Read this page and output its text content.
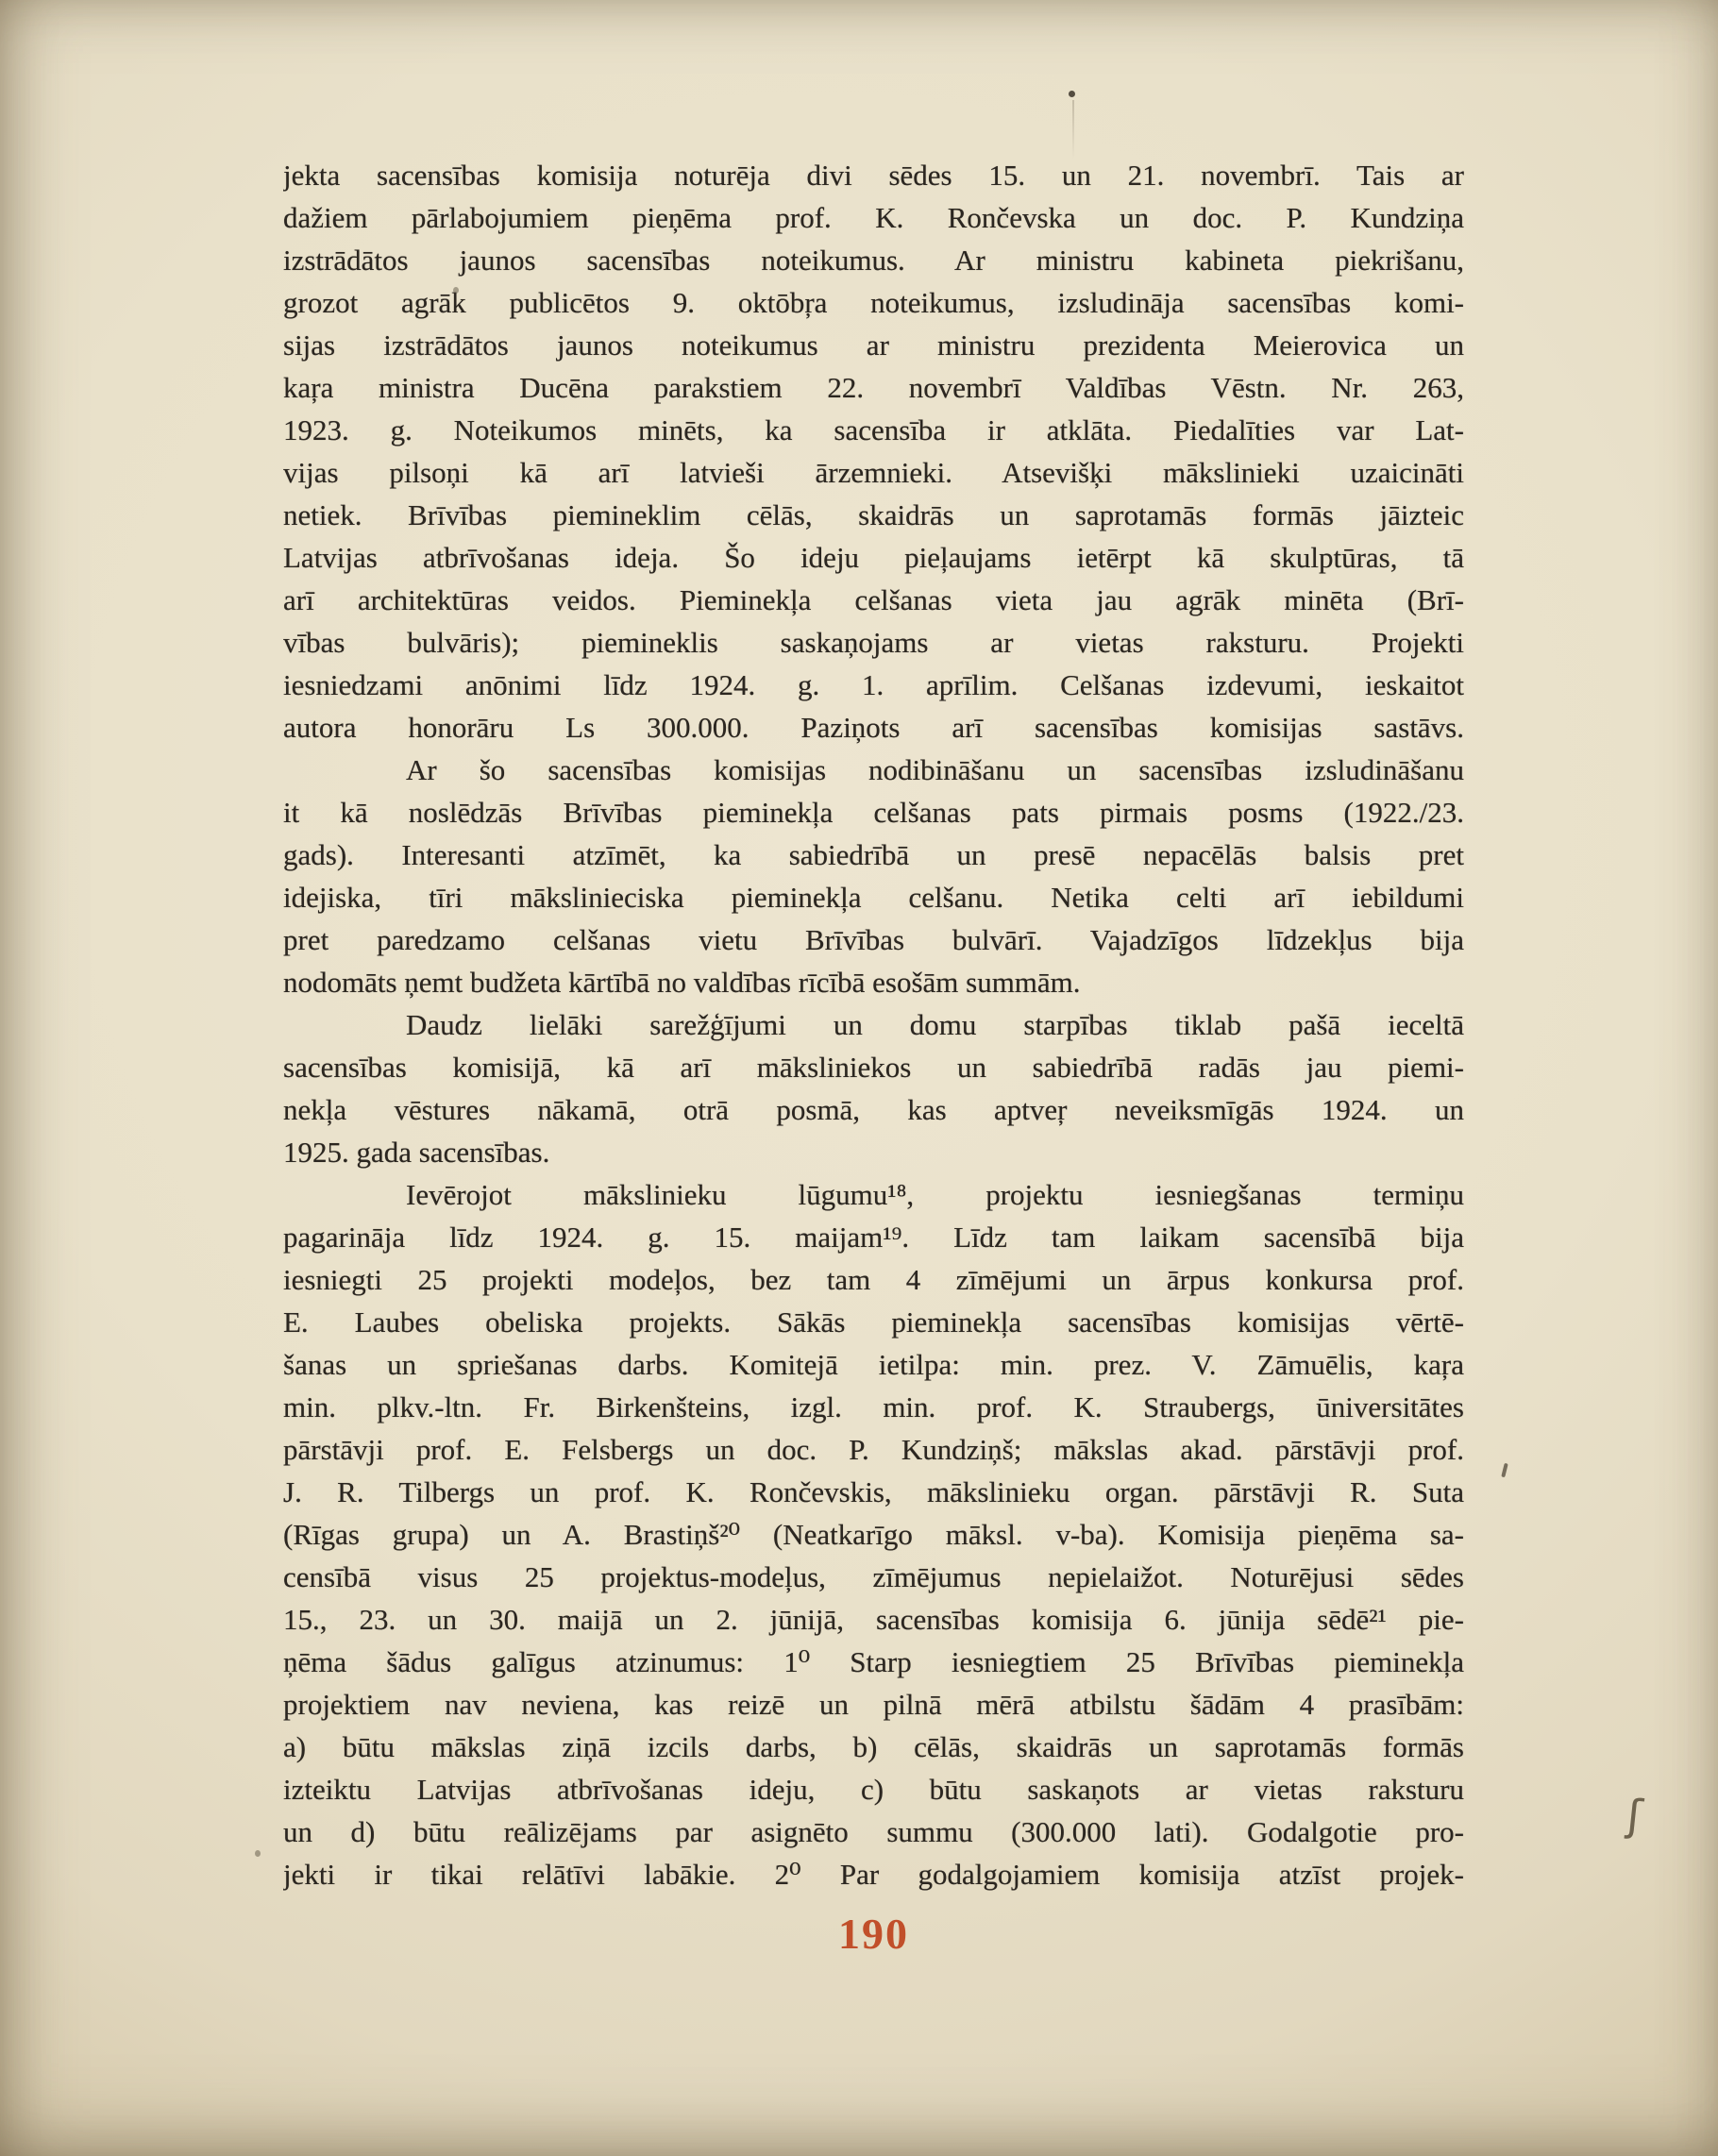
jekta sacensības komisija noturēja divi sēdes 15. un 21. novembrī. Tais ar
dažiem pārlabojumiem pieņēma prof. K. Rončevska un doc. P. Kundziņa
izstrādātos jaunos sacensības noteikumus. Ar ministru kabineta piekrišanu,
grozot agrāk publicētos 9. oktōbŗa noteikumus, izsludināja sacensības komi-
sijas izstrādātos jaunos noteikumus ar ministru prezidenta Meierovica un
kaŗa ministra Ducēna parakstiem 22. novembrī Valdības Vēstn. Nr. 263,
1923. g. Noteikumos minēts, ka sacensība ir atklāta. Piedalīties var Lat-
vijas pilsoņi kā arī latvieši ārzemnieki. Atsevišķi mākslinieki uzaicināti
netiek. Brīvības piemineklim cēlās, skaidrās un saprotamās formās jāizteic
Latvijas atbrīvošanas ideja. Šo ideju pieļaujams ietērpt kā skulptūras, tā
arī architektūras veidos. Pieminekļa celšanas vieta jau agrāk minēta (Brī-
vības bulvāris); piemineklis saskaņojams ar vietas raksturu. Projekti
iesniedzami anōnimi līdz 1924. g. 1. aprīlim. Celšanas izdevumi, ieskaitot
autora honorāru Ls 300.000. Paziņots arī sacensības komisijas sastāvs.
Ar šo sacensības komisijas nodibināšanu un sacensības izsludināšanu
it kā noslēdzās Brīvības pieminekļa celšanas pats pirmais posms (1922./23.
gads). Interesanti atzīmēt, ka sabiedrībā un presē nepacēlās balsis pret
idejiska, tīri mākslinieciska pieminekļa celšanu. Netika celti arī iebildumi
pret paredzamo celšanas vietu Brīvības bulvārī. Vajadzīgos līdzekļus bija
nodomāts ņemt budžeta kārtībā no valdības rīcībā esošām summām.
Daudz lielāki sarežģījumi un domu starpības tiklab pašā ieceltā
sacensības komisijā, kā arī māksliniekos un sabiedrībā radās jau piemi-
nekļa vēstures nākamā, otrā posmā, kas aptveŗ neveiksmīgās 1924. un
1925. gada sacensības.
Ievērojot mākslinieku lūgumu¹⁸, projektu iesniegšanas termiņu
pagarināja līdz 1924. g. 15. maijam¹⁹. Līdz tam laikam sacensībā bija
iesniegti 25 projekti modeļos, bez tam 4 zīmējumi un ārpus konkursa prof.
E. Laubes obeliska projekts. Sākās pieminekļa sacensības komisijas vērtē-
šanas un spriešanas darbs. Komitejā ietilpa: min. prez. V. Zāmuēlis, kaŗa
min. plkv.-ltn. Fr. Birkenšteins, izgl. min. prof. K. Straubergs, ūniversitātes
pārstāvji prof. E. Felsbergs un doc. P. Kundziņš; mākslas akad. pārstāvji prof.
J. R. Tilbergs un prof. K. Rončevskis, mākslinieku organ. pārstāvji R. Suta
(Rīgas grupa) un A. Brastiņš²⁰ (Neatkarīgo māksl. v-ba). Komisija pieņēma sa-
censībā visus 25 projektus-modeļus, zīmējumus nepielaižot. Noturējusi sēdes
15., 23. un 30. maijā un 2. jūnijā, sacensības komisija 6. jūnija sēdē²¹ pie-
ņēma šādus galīgus atzinumus: 1⁰ Starp iesniegtiem 25 Brīvības pieminekļa
projektiem nav neviena, kas reizē un pilnā mērā atbilstu šādām 4 prasībām:
a) būtu mākslas ziņā izcils darbs, b) cēlās, skaidrās un saprotamās formās
izteiktu Latvijas atbrīvošanas ideju, c) būtu saskaņots ar vietas raksturu
un d) būtu reālizējams par asignēto summu (300.000 lati). Godalgotie pro-
jekti ir tikai relātīvi labākie. 2⁰ Par godalgojamiem komisija atzīst projek-
190
ʃ
